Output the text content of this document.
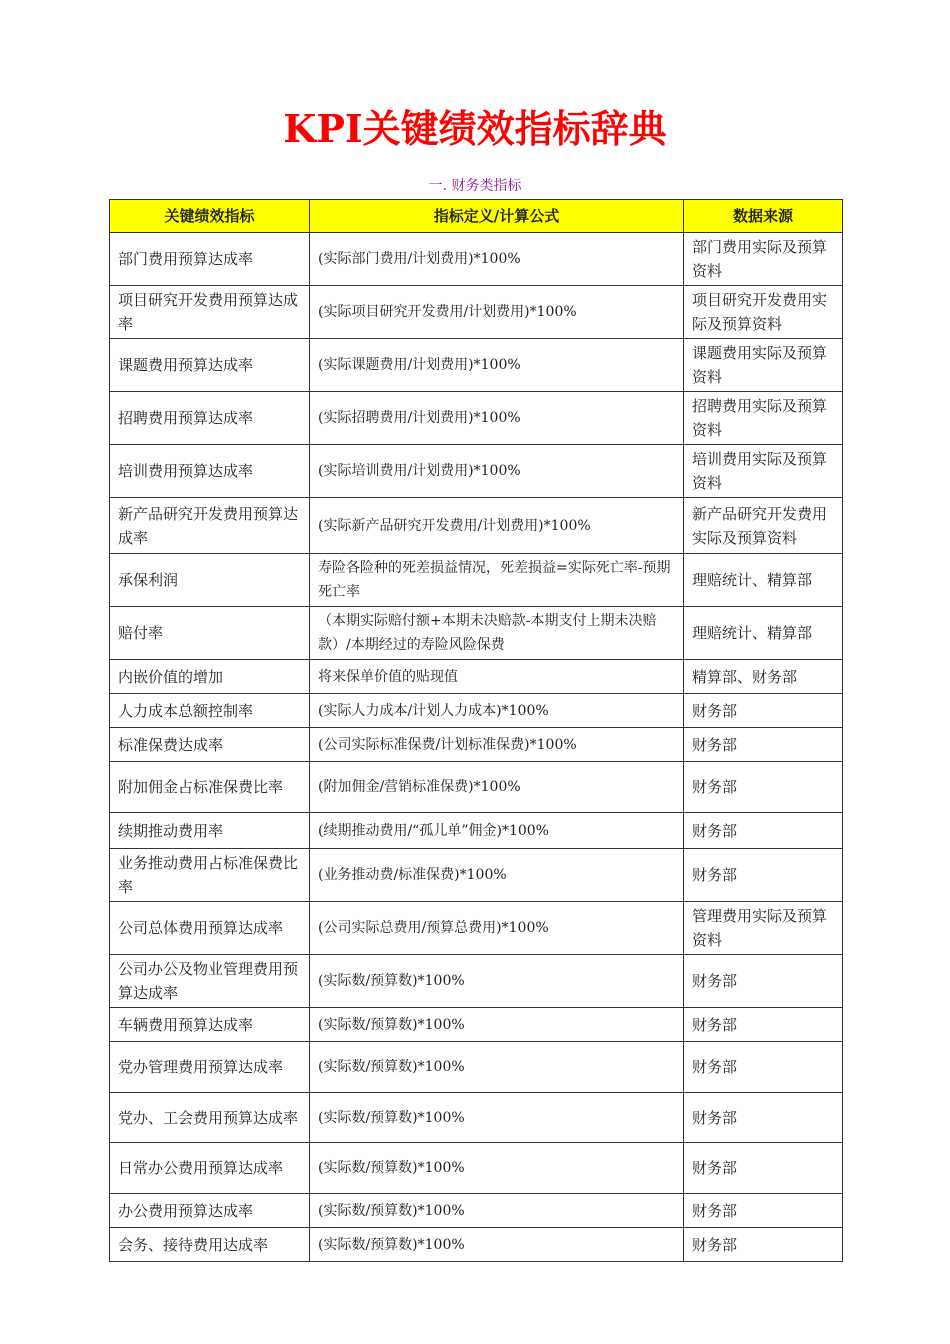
KPI关键绩效指标辞典
一. 财务类指标
关键绩效指标	指标定义/计算公式	数据来源
部门费用预算达成率	(实际部门费用/计划费用)*100%	部门费用实际及预算资料
项目研究开发费用预算达成率	(实际项目研究开发费用/计划费用)*100%	项目研究开发费用实际及预算资料
课题费用预算达成率	(实际课题费用/计划费用)*100%	课题费用实际及预算资料
招聘费用预算达成率	(实际招聘费用/计划费用)*100%	招聘费用实际及预算资料
培训费用预算达成率	(实际培训费用/计划费用)*100%	培训费用实际及预算资料
新产品研究开发费用预算达成率	(实际新产品研究开发费用/计划费用)*100%	新产品研究开发费用实际及预算资料
承保利润	寿险各险种的死差损益情况，死差损益=实际死亡率-预期死亡率	理赔统计、精算部
赔付率	（本期实际赔付额+本期未决赔款-本期支付上期未决赔款）/本期经过的寿险风险保费	理赔统计、精算部
内嵌价值的增加	将来保单价值的贴现值	精算部、财务部
人力成本总额控制率	(实际人力成本/计划人力成本)*100%	财务部
标准保费达成率	(公司实际标准保费/计划标准保费)*100%	财务部
附加佣金占标准保费比率	(附加佣金/营销标准保费)*100%	财务部
续期推动费用率	(续期推动费用/“孤儿单”佣金)*100%	财务部
业务推动费用占标准保费比率	(业务推动费/标准保费)*100%	财务部
公司总体费用预算达成率	(公司实际总费用/预算总费用)*100%	管理费用实际及预算资料
公司办公及物业管理费用预算达成率	(实际数/预算数)*100%	财务部
车辆费用预算达成率	(实际数/预算数)*100%	财务部
党办管理费用预算达成率	(实际数/预算数)*100%	财务部
党办、工会费用预算达成率	(实际数/预算数)*100%	财务部
日常办公费用预算达成率	(实际数/预算数)*100%	财务部
办公费用预算达成率	(实际数/预算数)*100%	财务部
会务、接待费用达成率	(实际数/预算数)*100%	财务部
